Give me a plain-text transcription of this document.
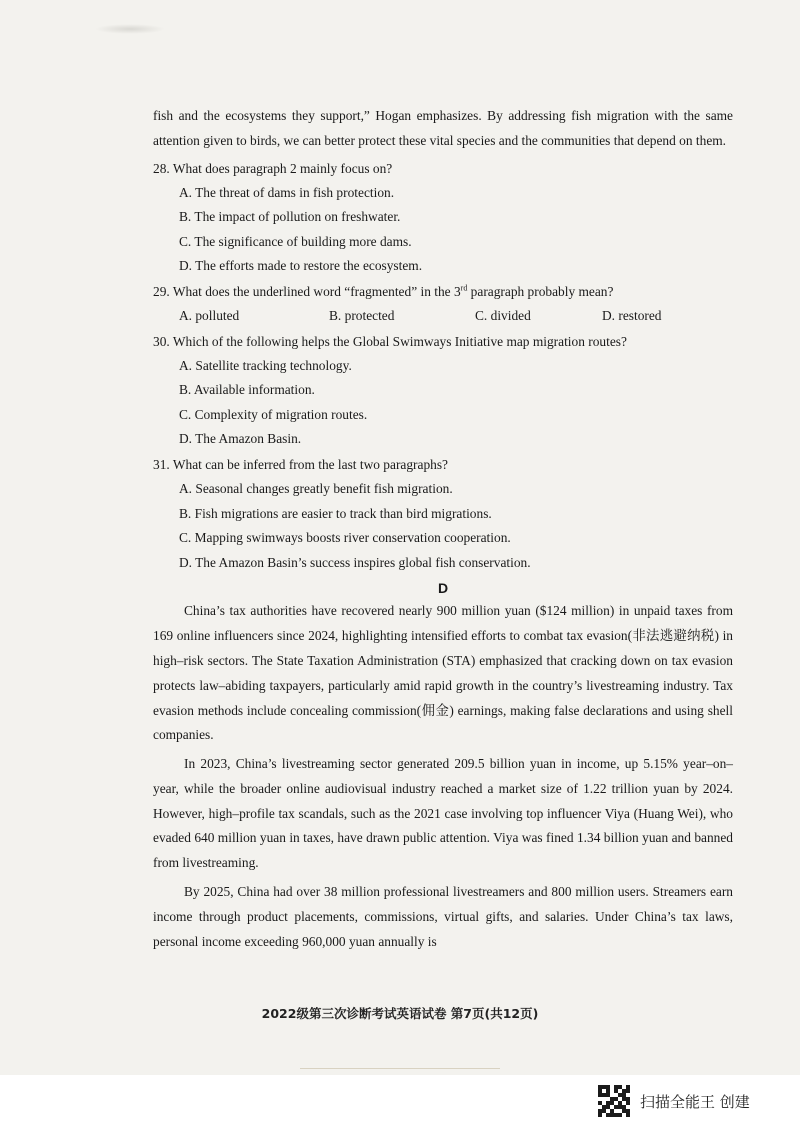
fish and the ecosystems they support,” Hogan emphasizes. By addressing fish migration with the same attention given to birds, we can better protect these vital species and the communities that depend on them.

28. What does paragraph 2 mainly focus on?

A. The threat of dams in fish protection.

B. The impact of pollution on freshwater.

C. The significance of building more dams.

D. The efforts made to restore the ecosystem.

29. What does the underlined word “fragmented” in the 3rd paragraph probably mean?

A. polluted	B. protected	C. divided	D. restored

30. Which of the following helps the Global Swimways Initiative map migration routes?

A. Satellite tracking technology.

B. Available information.

C. Complexity of migration routes.

D. The Amazon Basin.

31. What can be inferred from the last two paragraphs?

A. Seasonal changes greatly benefit fish migration.

B. Fish migrations are easier to track than bird migrations.

C. Mapping swimways boosts river conservation cooperation.

D. The Amazon Basin’s success inspires global fish conservation.

D

China’s tax authorities have recovered nearly 900 million yuan ($124 million) in unpaid taxes from 169 online influencers since 2024, highlighting intensified efforts to combat tax evasion(非法逃避纳税) in high–risk sectors. The State Taxation Administration (STA) emphasized that cracking down on tax evasion protects law–abiding taxpayers, particularly amid rapid growth in the country’s livestreaming industry. Tax evasion methods include concealing commission(佣金) earnings, making false declarations and using shell companies.

In 2023, China’s livestreaming sector generated 209.5 billion yuan in income, up 5.15% year–on–year, while the broader online audiovisual industry reached a market size of 1.22 trillion yuan by 2024. However, high–profile tax scandals, such as the 2021 case involving top influencer Viya (Huang Wei), who evaded 640 million yuan in taxes, have drawn public attention. Viya was fined 1.34 billion yuan and banned from livestreaming.

By 2025, China had over 38 million professional livestreamers and 800 million users. Streamers earn income through product placements, commissions, virtual gifts, and salaries. Under China’s tax laws, personal income exceeding 960,000 yuan annually is

2022级第三次诊断考试英语试卷 第7页(共12页)
扫描全能王 创建
